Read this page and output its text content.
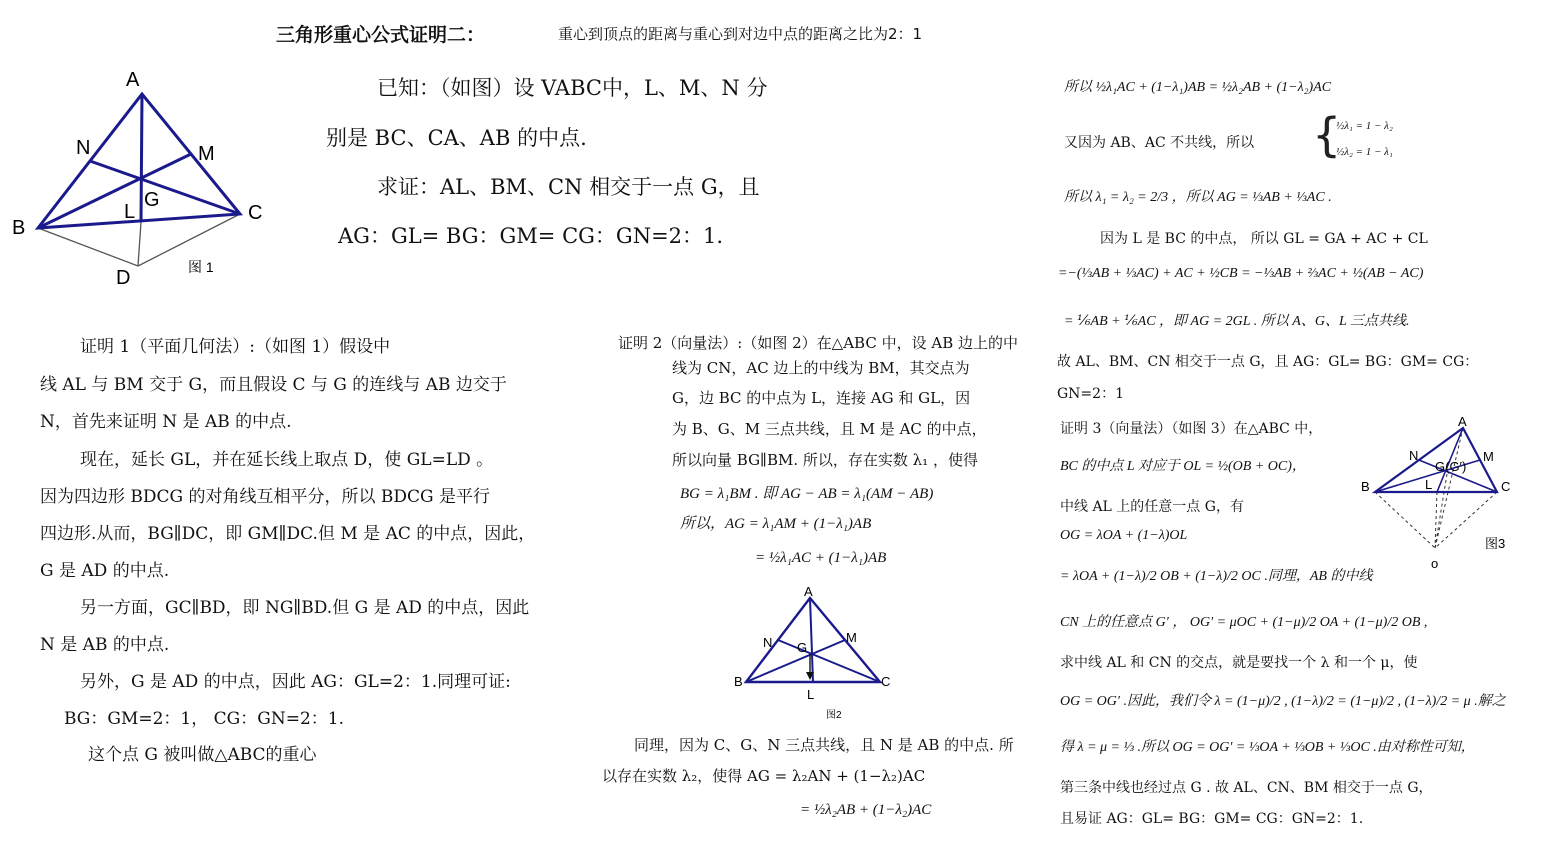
三角形重心公式证明二：	重心到顶点的距离与重心到对边中点的距离之比为2：1
A
N	M
G
L
B
C
D	图 1
已知：（如图）设 VABC中，L、M、N 分
别是 BC、CA、AB 的中点.
求证：AL、BM、CN 相交于一点 G，且
AG：GL= BG：GM= CG：GN=2：1.
证明 1（平面几何法）:（如图 1）假设中
线 AL 与 BM 交于 G，而且假设 C 与 G 的连线与 AB 边交于
N，首先来证明 N 是 AB 的中点.
现在，延长 GL，并在延长线上取点 D，使 GL=LD 。
因为四边形 BDCG 的对角线互相平分，所以 BDCG 是平行
四边形.从而，BG∥DC，即 GM∥DC.但 M 是 AC 的中点，因此，
G 是 AD 的中点.
另一方面，GC∥BD，即 NG∥BD.但 G 是 AD 的中点，因此
N 是 AB 的中点.
另外，G 是 AD 的中点，因此 AG：GL=2：1.同理可证:
BG：GM=2：1， CG：GN=2：1.
这个点 G 被叫做△ABC的重心
证明 2（向量法）:（如图 2）在△ABC 中，设 AB 边上的中
线为 CN，AC 边上的中线为 BM，其交点为
G，边 BC 的中点为 L，连接 AG 和 GL，因
为 B、G、M 三点共线，且 M 是 AC 的中点，
所以向量 BG∥BM. 所以，存在实数 λ₁ ，使得
BG = λ₁BM . 即 AG − AB = λ₁(AM − AB)
所以，AG = λ₁AM + (1−λ₁)AB
= ½λ₁AC + (1−λ₁)AB
A
N	M
G
B
L
C
图2
同理，因为 C、G、N 三点共线，且 N 是 AB 的中点. 所
以存在实数 λ₂，使得 AG = λ₂AN + (1−λ₂)AC
= ½λ₂AB + (1−λ₂)AC
所以 ½λ₁AC + (1−λ₁)AB = ½λ₂AB + (1−λ₂)AC
又因为 AB、AC 不共线，所以 {
½λ₁ = 1 − λ₂
½λ₂ = 1 − λ₁
所以 λ₁ = λ₂ = 2/3 ，所以 AG = ⅓AB + ⅓AC .
因为 L 是 BC 的中点， 所以 GL = GA + AC + CL
=−(⅓AB + ⅓AC) + AC + ½CB = −⅓AB + ⅔AC + ½(AB − AC)
= ⅙AB + ⅙AC ，即 AG = 2GL . 所以 A、G、L 三点共线.
故 AL、BM、CN 相交于一点 G，且 AG：GL= BG：GM= CG：
GN=2：1
证明 3（向量法）（如图 3）在△ABC 中，
BC 的中点 L 对应于 OL = ½(OB + OC)，
中线 AL 上的任意一点 G，有
OG = λOA + (1−λ)OL
= λOA + (1−λ)/2 OB + (1−λ)/2 OC .同理，AB 的中线
CN 上的任意点 G′ ， OG′ = μOC + (1−μ)/2 OA + (1−μ)/2 OB ,
求中线 AL 和 CN 的交点，就是要找一个 λ 和一个 μ，使
OG = OG′ .因此，我们令 λ = (1−μ)/2 , (1−λ)/2 = (1−μ)/2 , (1−λ)/2 = μ .解之
得 λ = μ = ⅓ .所以 OG = OG′ = ⅓OA + ⅓OB + ⅓OC .由对称性可知，
第三条中线也经过点 G . 故 AL、CN、BM 相交于一点 G，
且易证 AG：GL= BG：GM= CG：GN=2：1.
A
N
G(G′)
M
B	L	C
o
图3
